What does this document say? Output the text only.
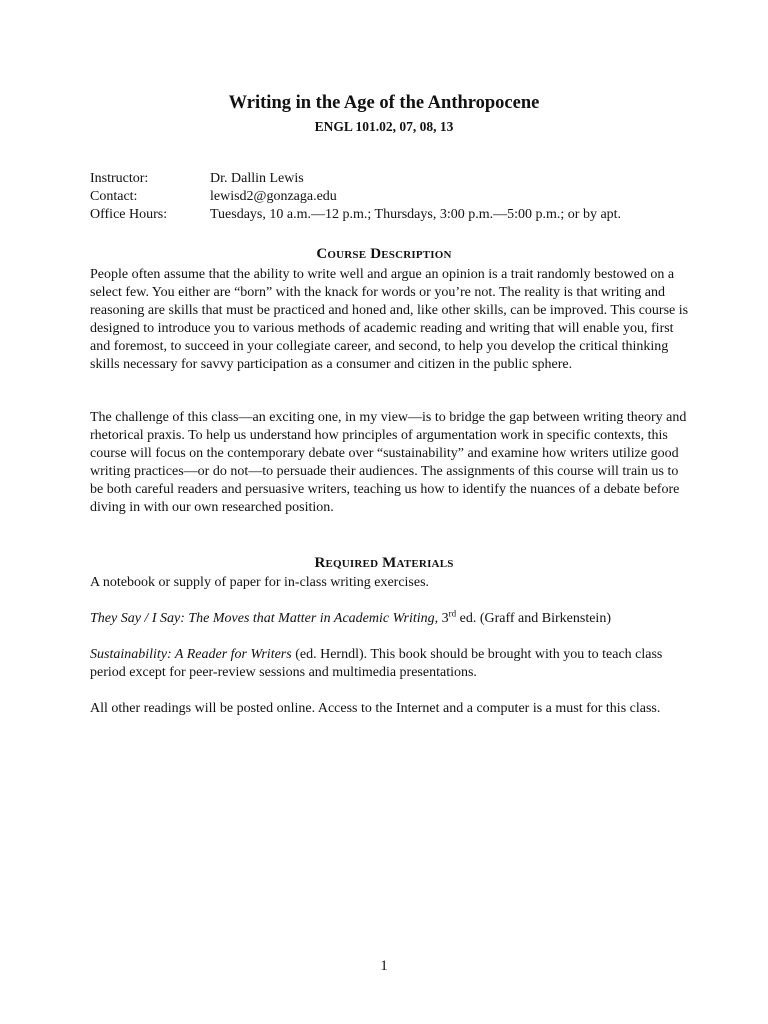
Writing in the Age of the Anthropocene
ENGL 101.02, 07, 08, 13
Instructor:	Dr. Dallin Lewis
Contact:	lewisd2@gonzaga.edu
Office Hours:	Tuesdays, 10 a.m.—12 p.m.; Thursdays, 3:00 p.m.—5:00 p.m.; or by apt.
Course Description

People often assume that the ability to write well and argue an opinion is a trait randomly bestowed on a select few. You either are “born” with the knack for words or you’re not. The reality is that writing and reasoning are skills that must be practiced and honed and, like other skills, can be improved. This course is designed to introduce you to various methods of academic reading and writing that will enable you, first and foremost, to succeed in your collegiate career, and second, to help you develop the critical thinking skills necessary for savvy participation as a consumer and citizen in the public sphere.

The challenge of this class—an exciting one, in my view—is to bridge the gap between writing theory and rhetorical praxis. To help us understand how principles of argumentation work in specific contexts, this course will focus on the contemporary debate over “sustainability” and examine how writers utilize good writing practices—or do not—to persuade their audiences. The assignments of this course will train us to be both careful readers and persuasive writers, teaching us how to identify the nuances of a debate before diving in with our own researched position.

Required Materials

A notebook or supply of paper for in-class writing exercises.

They Say / I Say: The Moves that Matter in Academic Writing, 3rd ed. (Graff and Birkenstein)

Sustainability: A Reader for Writers (ed. Herndl). This book should be brought with you to teach class period except for peer-review sessions and multimedia presentations.

All other readings will be posted online. Access to the Internet and a computer is a must for this class.

1
